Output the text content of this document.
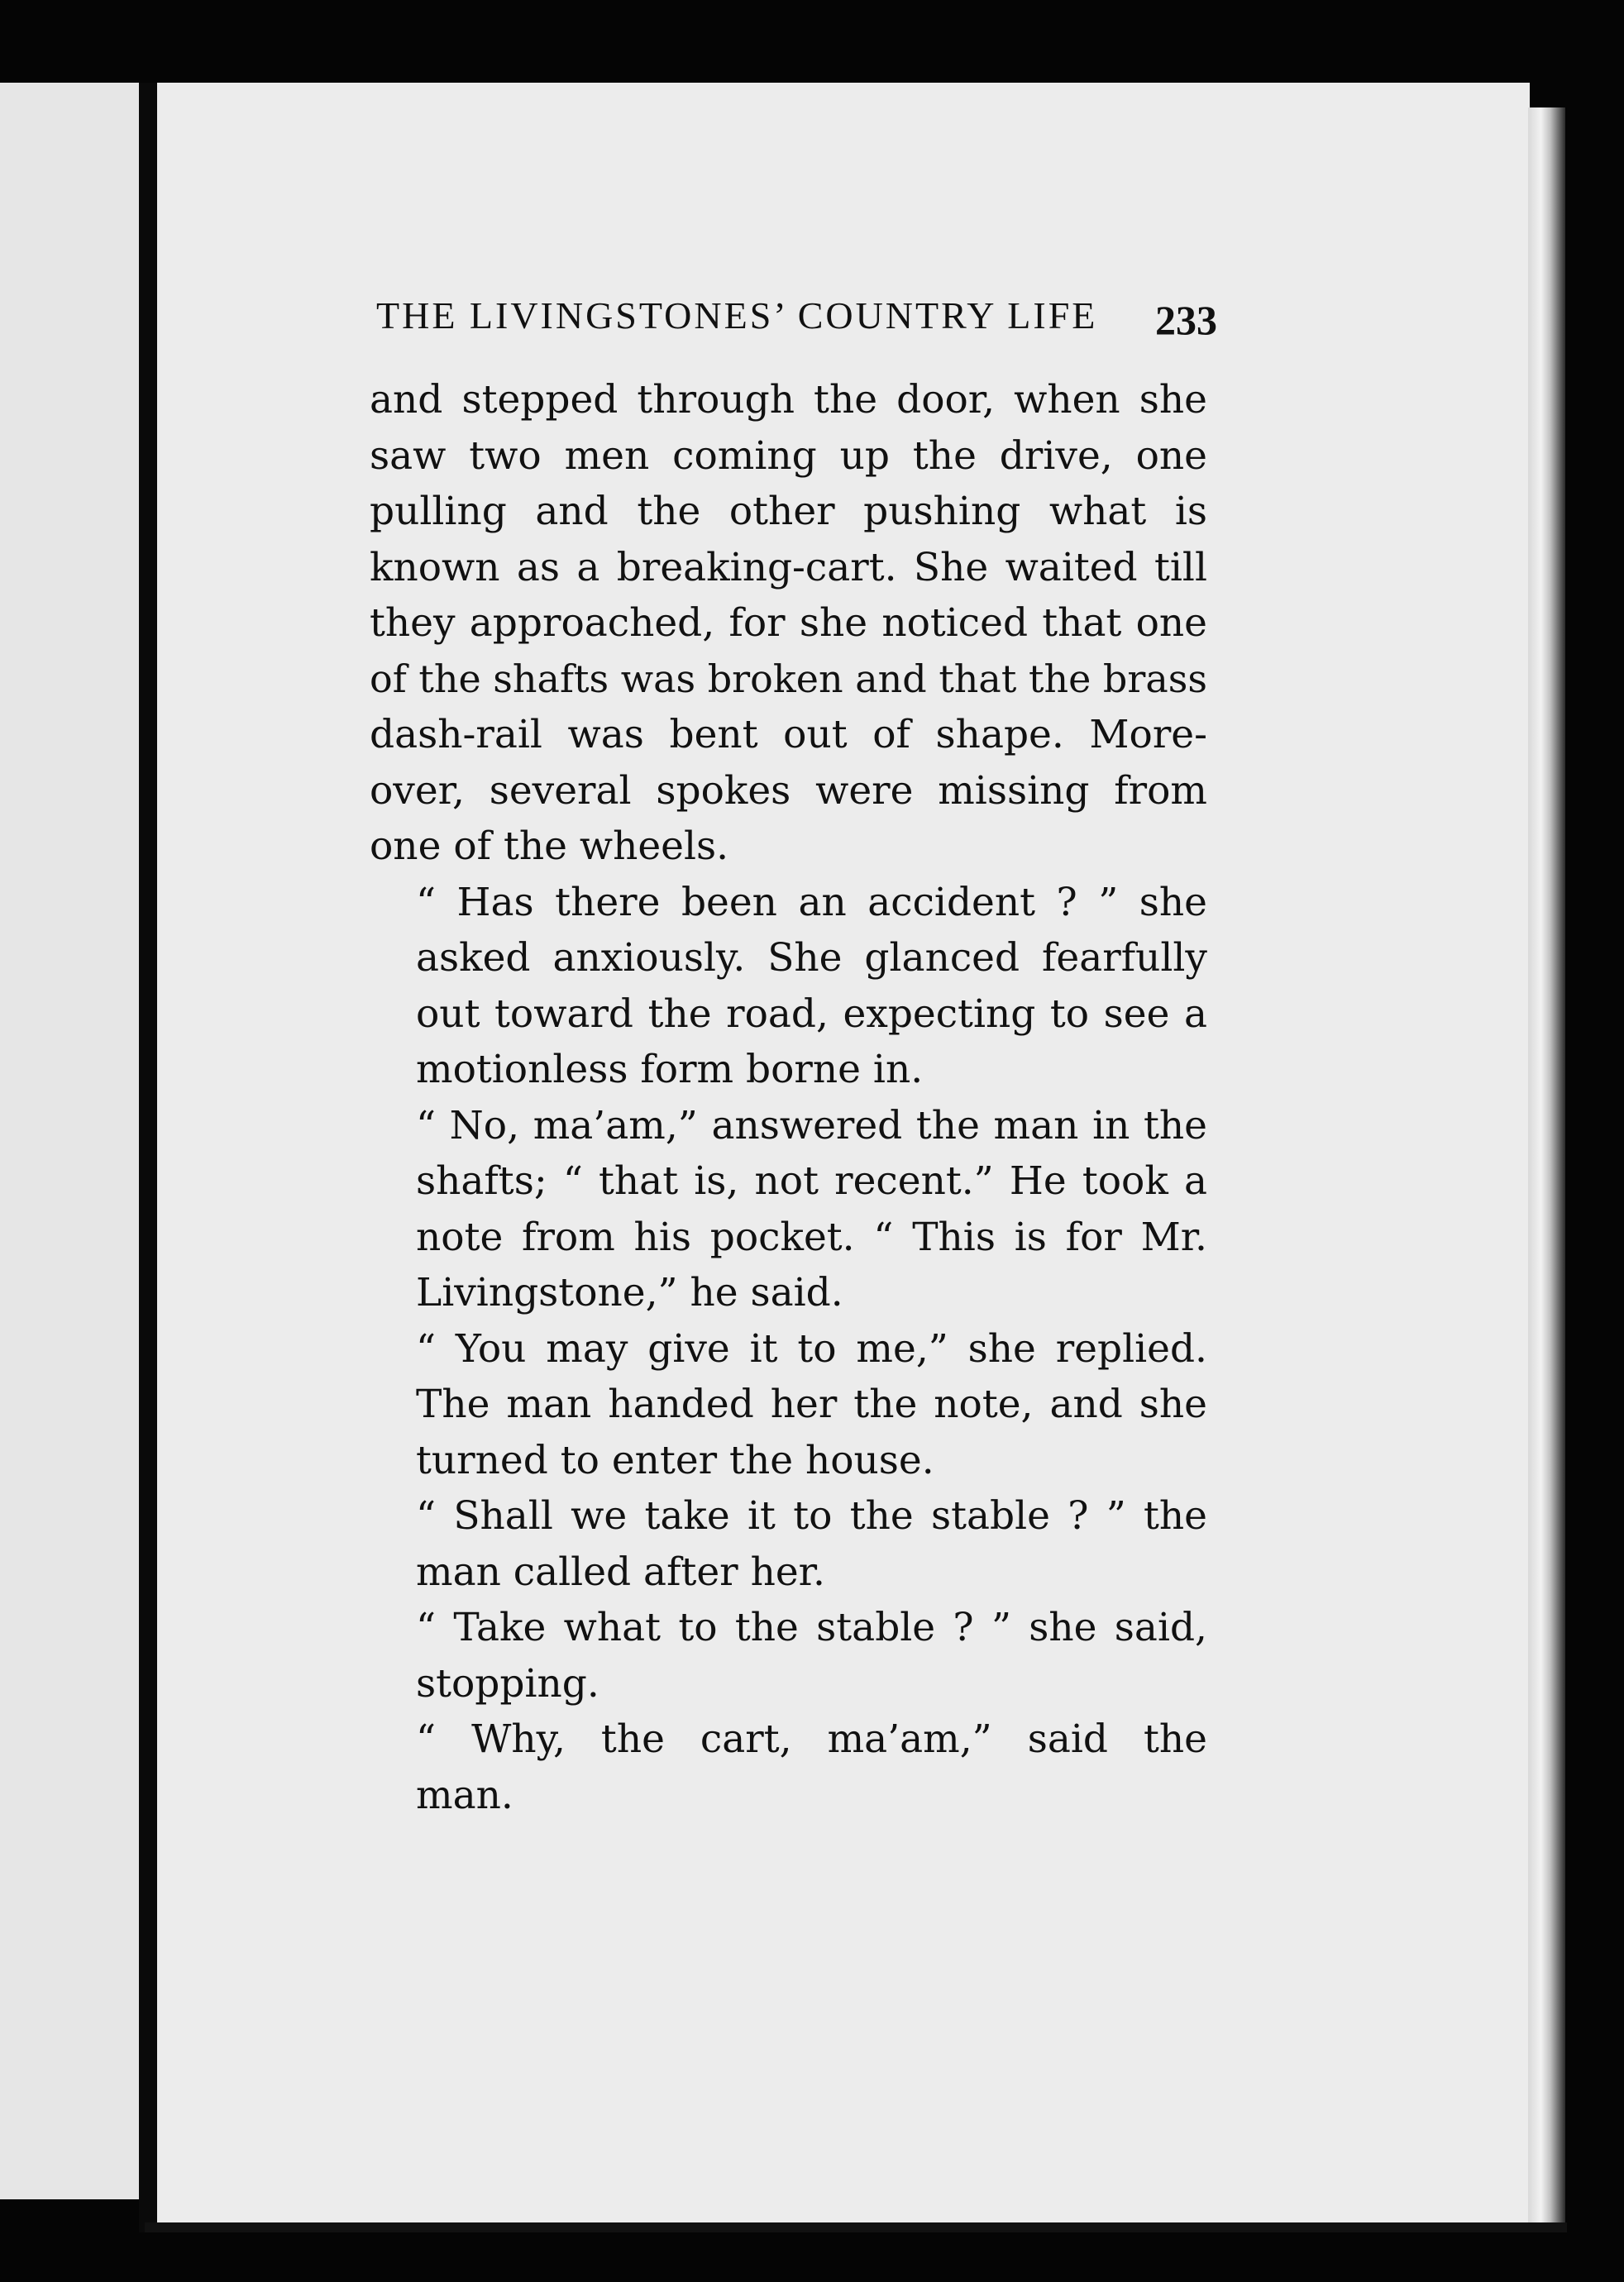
THE LIVINGSTONES’ COUNTRY LIFE	233
and stepped through the door, when she
saw two men coming up the drive, one
pulling and the other pushing what is
known as a breaking-cart. She waited till
they approached, for she noticed that one
of the shafts was broken and that the brass
dash-rail was bent out of shape. More-
over, several spokes were missing from
one of the wheels.
“ Has there been an accident ? ” she
asked anxiously. She glanced fearfully
out toward the road, expecting to see a
motionless form borne in.
“ No, ma’am,” answered the man in the
shafts; “ that is, not recent.” He took a
note from his pocket. “ This is for Mr.
Livingstone,” he said.
“ You may give it to me,” she replied.
The man handed her the note, and she
turned to enter the house.
“ Shall we take it to the stable ? ” the
man called after her.
“ Take what to the stable ? ” she said,
stopping.
“ Why, the cart, ma’am,” said the
man.
